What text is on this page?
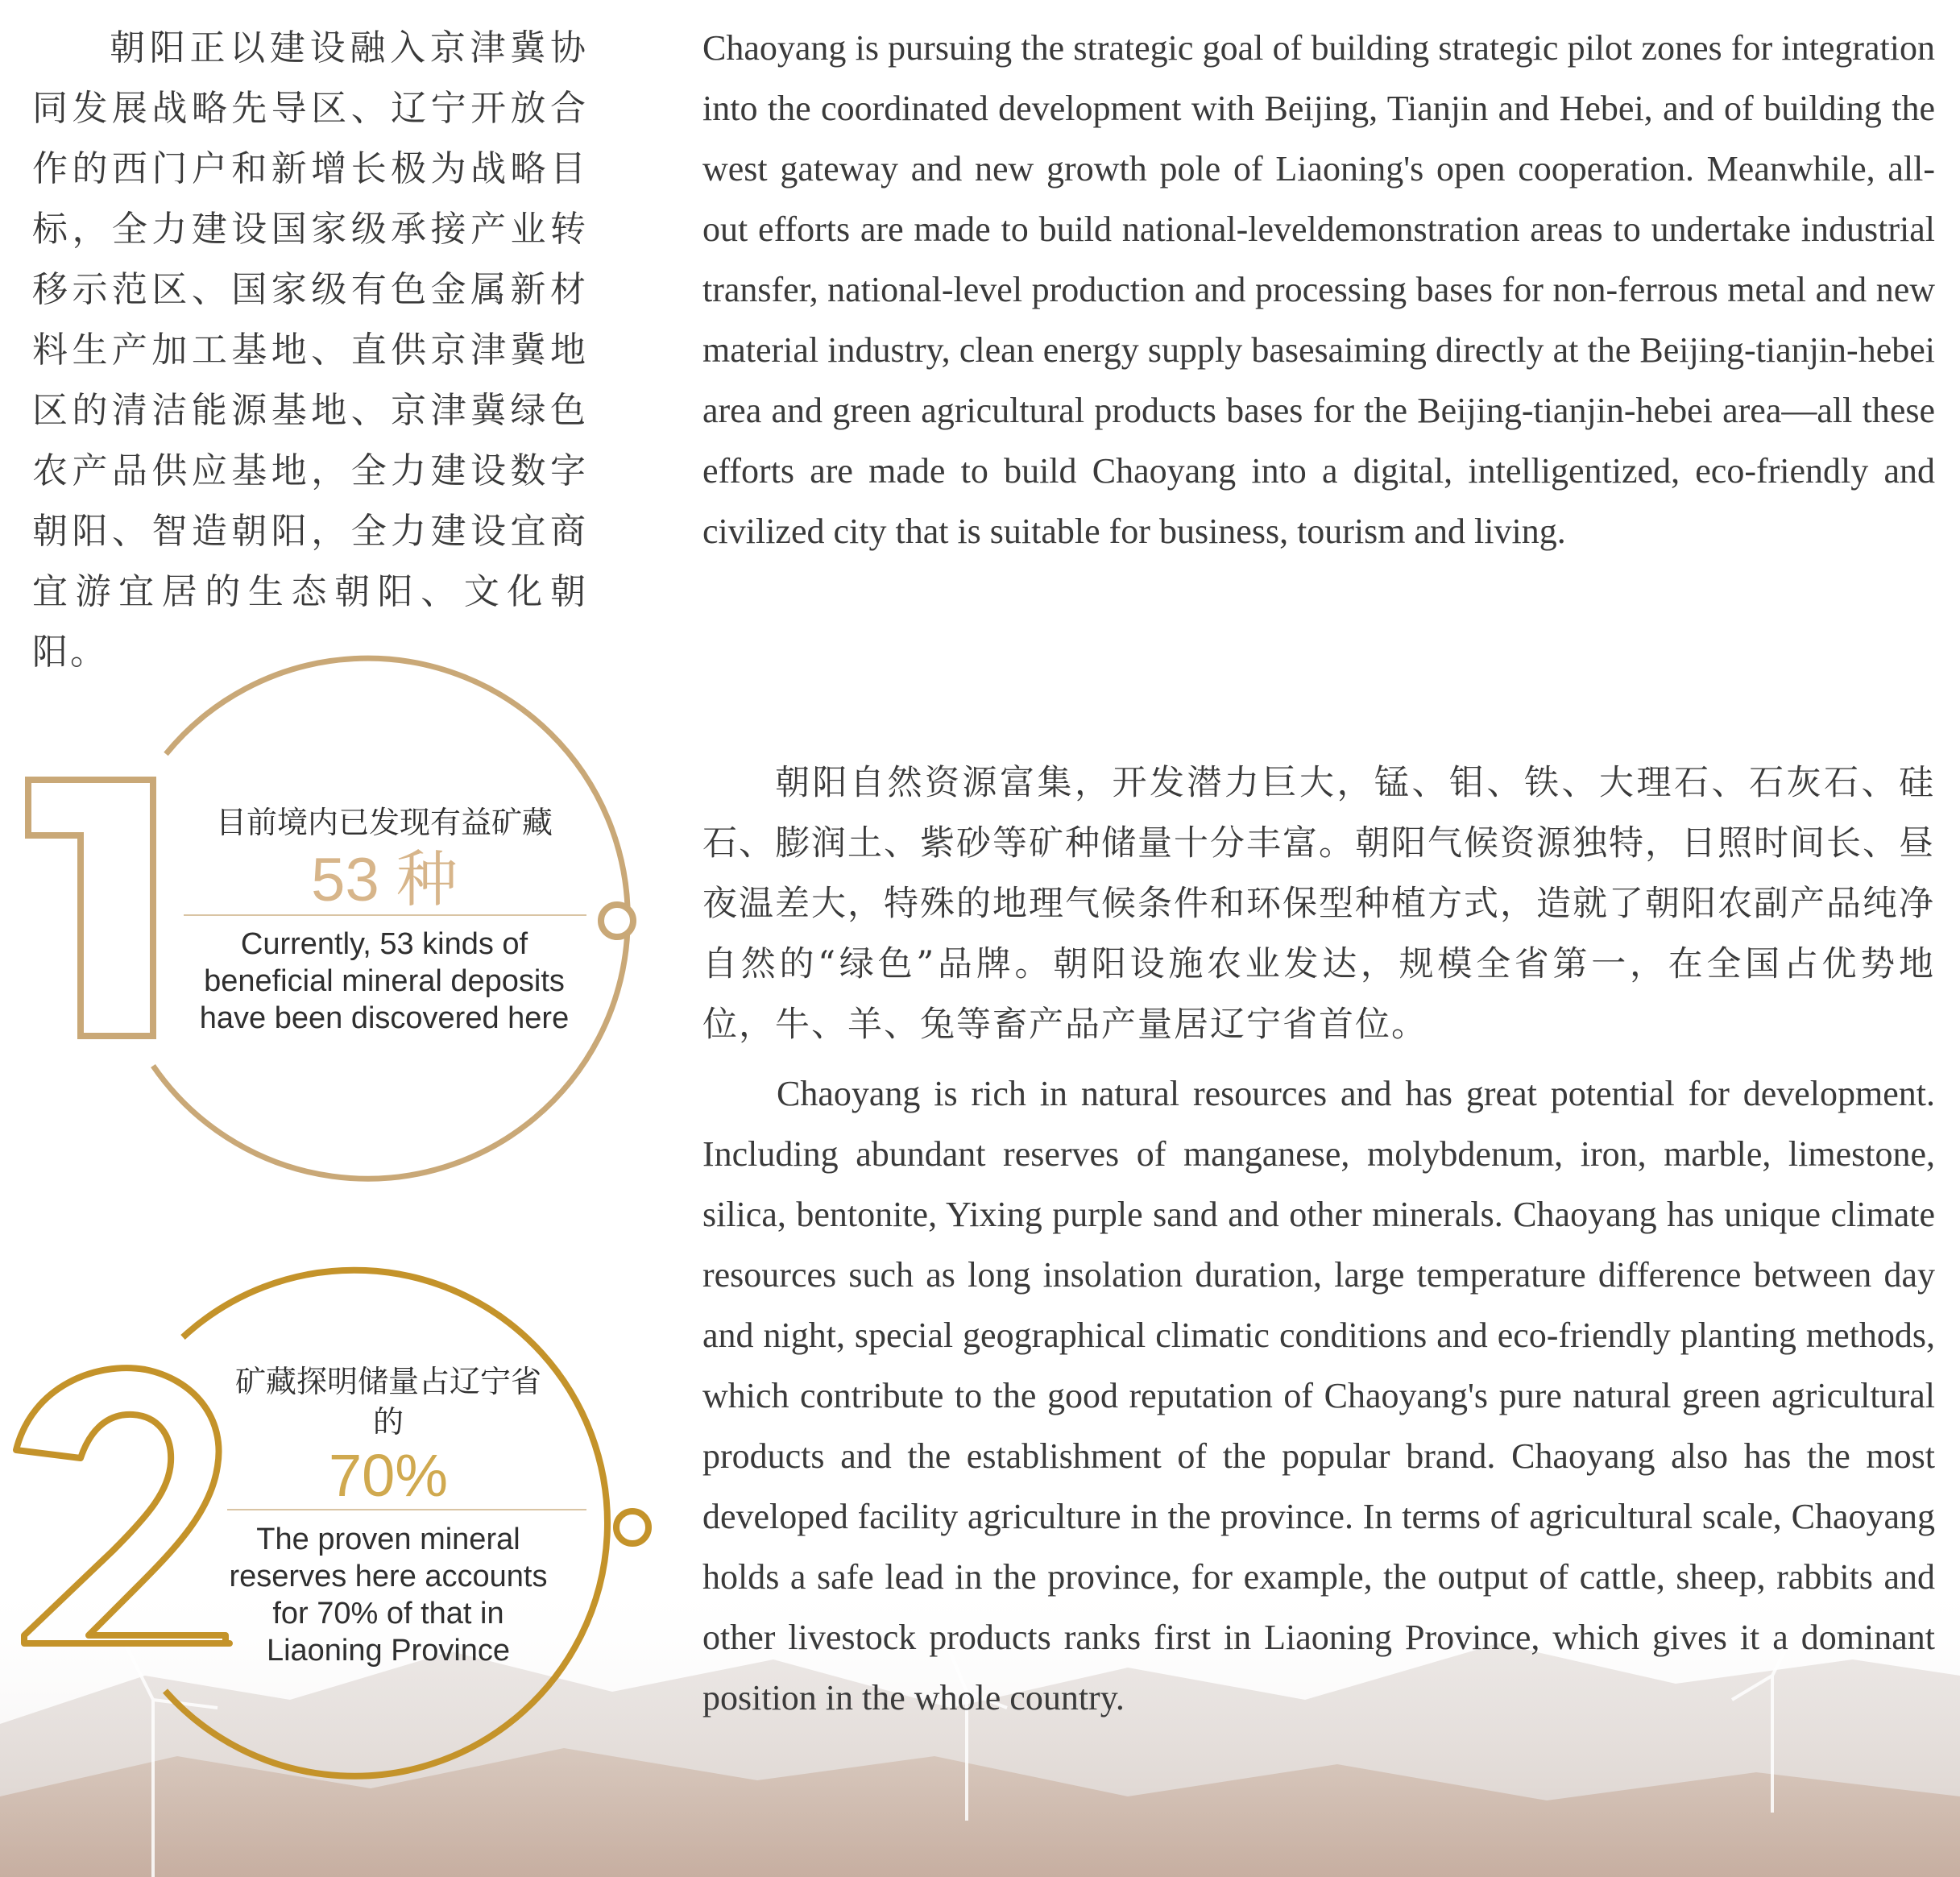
朝阳正以建设融入京津冀协同发展战略先导区、辽宁开放合作的西门户和新增长极为战略目标，全力建设国家级承接产业转移示范区、国家级有色金属新材料生产加工基地、直供京津冀地区的清洁能源基地、京津冀绿色农产品供应基地，全力建设数字朝阳、智造朝阳，全力建设宜商宜游宜居的生态朝阳、文化朝阳。
Chaoyang is pursuing the strategic goal of building strategic pilot zones for integration into the coordinated development with Beijing, Tianjin and Hebei, and of building the west gateway and new growth pole of Liaoning's open cooperation. Meanwhile, all-out efforts are made to build national-leveldemonstration areas to undertake industrial transfer, national-level production and processing bases for non-ferrous metal and new material industry, clean energy supply basesaiming directly at the Beijing-tianjin-hebei area and green agricultural products bases for the Beijing-tianjin-hebei area—all these efforts are made to build Chaoyang into a digital, intelligentized, eco-friendly and civilized city that is suitable for business, tourism and living.
朝阳自然资源富集，开发潜力巨大，锰、钼、铁、大理石、石灰石、硅石、膨润土、紫砂等矿种储量十分丰富。朝阳气候资源独特，日照时间长、昼夜温差大，特殊的地理气候条件和环保型种植方式，造就了朝阳农副产品纯净自然的“绿色”品牌。朝阳设施农业发达，规模全省第一，在全国占优势地位，牛、羊、兔等畜产品产量居辽宁省首位。
Chaoyang is rich in natural resources and has great potential for development. Including abundant reserves of manganese, molybdenum, iron, marble, limestone, silica, bentonite, Yixing purple sand and other minerals. Chaoyang has unique climate resources such as long insolation duration, large temperature difference between day and night, special geographical climatic conditions and eco-friendly planting methods, which contribute to the good reputation of Chaoyang's pure natural green agricultural products and the establishment of the popular brand. Chaoyang also has the most developed facility agriculture in the province. In terms of agricultural scale, Chaoyang holds a safe lead in the province, for example, the output of cattle, sheep, rabbits and other livestock products ranks first in Liaoning Province, which gives it a dominant position in the whole country.
目前境内已发现有益矿藏
53 种
Currently, 53 kinds of beneficial mineral deposits have been discovered here
矿藏探明储量占辽宁省的
70%
The proven mineral reserves here accounts for 70% of that in Liaoning Province
